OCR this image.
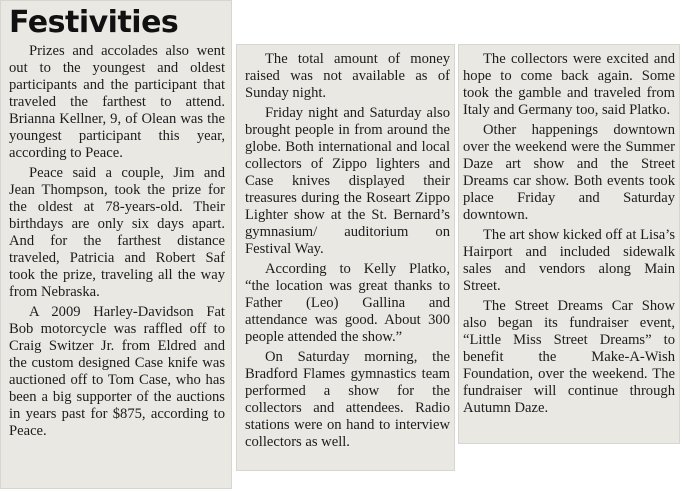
Festivities

Prizes and accolades also went out to the youngest and oldest participants and the participant that traveled the farthest to attend. Brianna Kellner, 9, of Olean was the youngest participant this year, according to Peace.

Peace said a couple, Jim and Jean Thompson, took the prize for the oldest at 78-years-old. Their birthdays are only six days apart. And for the farthest distance traveled, Patricia and Robert Saf took the prize, traveling all the way from Nebraska.

A 2009 Harley-Davidson Fat Bob motorcycle was raffled off to Craig Switzer Jr. from Eldred and the custom designed Case knife was auctioned off to Tom Case, who has been a big supporter of the auctions in years past for $875, according to Peace.

The total amount of money raised was not available as of Sunday night.

Friday night and Saturday also brought people in from around the globe. Both international and local collectors of Zippo lighters and Case knives displayed their treasures during the Roseart Zippo Lighter show at the St. Bernard’s gymnasium/ auditorium on Festival Way.

According to Kelly Platko, “the location was great thanks to Father (Leo) Gallina and attendance was good. About 300 people attended the show.”

On Saturday morning, the Bradford Flames gymnastics team performed a show for the collectors and attendees. Radio stations were on hand to interview collectors as well.

The collectors were excited and hope to come back again. Some took the gamble and traveled from Italy and Germany too, said Platko.

Other happenings downtown over the weekend were the Summer Daze art show and the Street Dreams car show. Both events took place Friday and Saturday downtown.

The art show kicked off at Lisa’s Hairport and included sidewalk sales and vendors along Main Street.

The Street Dreams Car Show also began its fundraiser event, “Little Miss Street Dreams” to benefit the Make-A-Wish Foundation, over the weekend. The fundraiser will continue through Autumn Daze.
